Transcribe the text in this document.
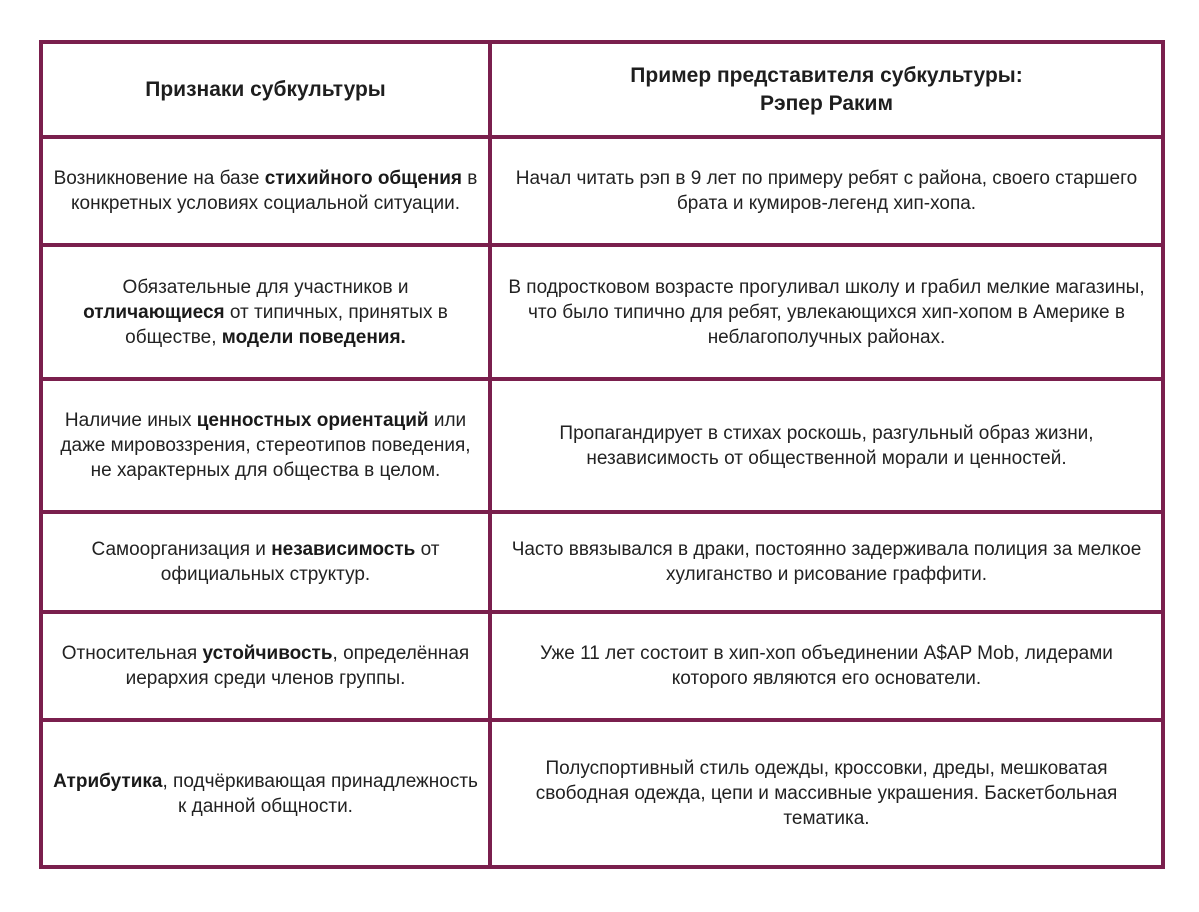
Признаки субкультуры	Пример представителя субкультуры:
Рэпер Раким

Возникновение на базе стихийного общения в конкретных условиях социальной ситуации.	Начал читать рэп в 9 лет по примеру ребят с района, своего старшего брата и кумиров-легенд хип-хопа.
Обязательные для участников и отличающиеся от типичных, принятых в обществе, модели поведения.	В подростковом возрасте прогуливал школу и грабил мелкие магазины, что было типично для ребят, увлекающихся хип-хопом в Америке в неблагополучных районах.
Наличие иных ценностных ориентаций или даже мировоззрения, стереотипов поведения, не характерных для общества в целом.	Пропагандирует в стихах роскошь, разгульный образ жизни, независимость от общественной морали и ценностей.
Самоорганизация и независимость от официальных структур.	Часто ввязывался в драки, постоянно задерживала полиция за мелкое хулиганство и рисование граффити.
Относительная устойчивость, определённая иерархия среди членов группы.	Уже 11 лет состоит в хип-хоп объединении A$AP Mob, лидерами которого являются его основатели.
Атрибутика, подчёркивающая принадлежность к данной общности.	Полуспортивный стиль одежды, кроссовки, дреды, мешковатая свободная одежда, цепи и массивные украшения. Баскетбольная тематика.
